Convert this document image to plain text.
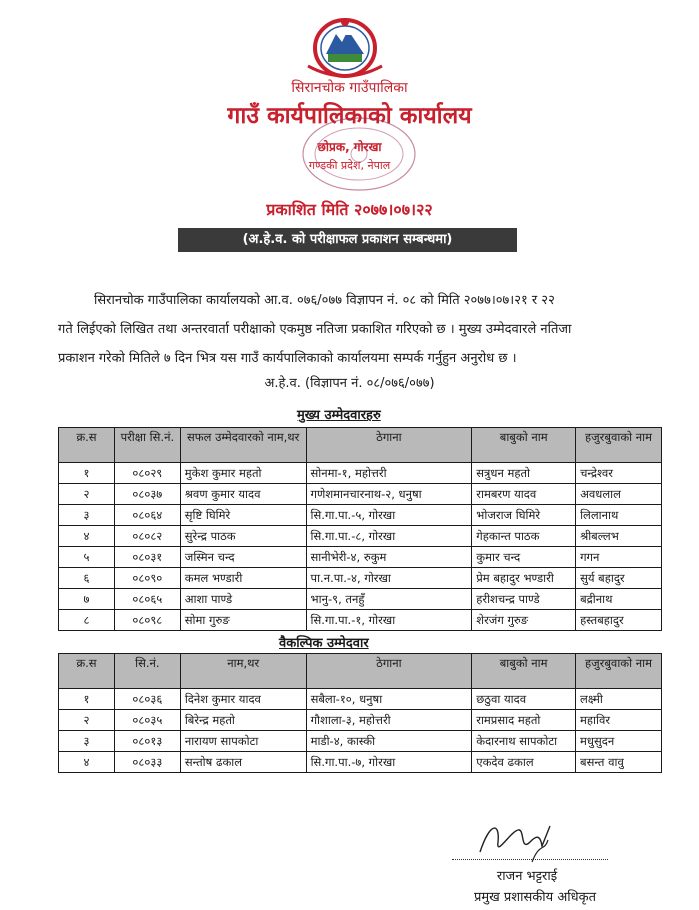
सिरानचोक गाउँपालिका
गाउँ कार्यपालिकाको कार्यालय
छोप्रक, गोरखा
गण्डकी प्रदेश, नेपाल
प्रकाशित मिति २०७७।०७।२२
(अ.हे.व. को परीक्षाफल प्रकाशन सम्बन्धमा)
सिरानचोक गाउँपालिका कार्यालयको आ.व. ०७६/०७७ विज्ञापन नं. ०८ को मिति २०७७।०७।२१ र २२
गते लिईएको लिखित तथा अन्तरवार्ता परीक्षाको एकमुष्ठ नतिजा प्रकाशित गरिएको छ । मुख्य उम्मेदवारले नतिजा
प्रकाशन गरेको मितिले ७ दिन भित्र यस गाउँ कार्यपालिकाको कार्यालयमा सम्पर्क गर्नुहुन अनुरोध छ ।
अ.हे.व. (विज्ञापन नं. ०८/०७६/०७७)
मुख्य उम्मेदवारहरु
क्र.स	परीक्षा सि.नं.	सफल उम्मेदवारको नाम,थर	ठेगाना	बाबुको नाम	हजुरबुवाको नाम
१	०८०२९	मुकेश कुमार महतो	सोनमा-१, महोत्तरी	सत्रुधन महतो	चन्द्रेश्वर
२	०८०३७	श्रवण कुमार यादव	गणेशमानचारनाथ-२, धनुषा	रामबरण यादव	अवधलाल
३	०८०६४	सृष्टि घिमिरे	सि.गा.पा.-५, गोरखा	भोजराज घिमिरे	लिलानाथ
४	०८०८२	सुरेन्द्र पाठक	सि.गा.पा.-८, गोरखा	गेहकान्त पाठक	श्रीबल्लभ
५	०८०३१	जस्मिन चन्द	सानीभेरी-४, रुकुम	कुमार चन्द	गगन
६	०८०९०	कमल भण्डारी	पा.न.पा.-४, गोरखा	प्रेम बहादुर भण्डारी	सुर्य बहादुर
७	०८०६५	आशा पाण्डे	भानु-९, तनहुँ	हरीशचन्द्र पाण्डे	बद्रीनाथ
८	०८०९८	सोमा गुरुङ	सि.गा.पा.-१, गोरखा	शेरजंग गुरुङ	हस्तबहादुर
वैकल्पिक उम्मेदवार
क्र.स	सि.नं.	नाम,थर	ठेगाना	बाबुको नाम	हजुरबुवाको नाम
१	०८०३६	दिनेश कुमार यादव	सबैला-१०, धनुषा	छठुवा यादव	लक्ष्मी
२	०८०३५	बिरेन्द्र महतो	गौशाला-३, महोत्तरी	रामप्रसाद महतो	महाविर
३	०८०१३	नारायण सापकोटा	माडी-४, कास्की	केदारनाथ सापकोटा	मधुसुदन
४	०८०३३	सन्तोष ढकाल	सि.गा.पा.-७, गोरखा	एकदेव ढकाल	बसन्त वावु
राजन भट्टराई
प्रमुख प्रशासकीय अधिकृत
